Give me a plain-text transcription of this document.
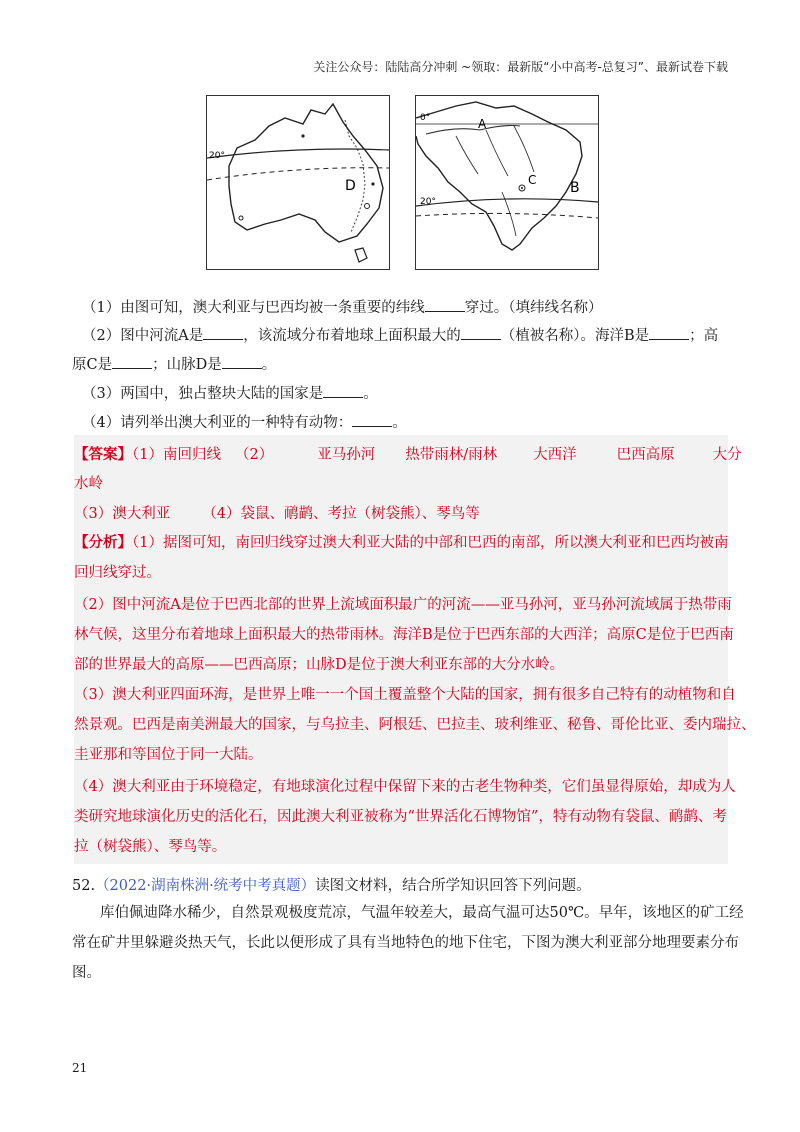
关注公众号：陆陆高分冲刺 ~领取：最新版“小中高考-总复习”、最新试卷下载
20°
D
0°
20°
A
C B
（1）由图可知，澳大利亚与巴西均被一条重要的纬线	穿过。（填纬线名称）
（2）图中河流A是	，该流域分布着地球上面积最大的	（植被名称）。海洋B是	；高
原C是	；山脉D是	。
（3）两国中，独占整块大陆的国家是	。
（4）请列举出澳大利亚的一种特有动物：	。
【答案】（1）南回归线 （2）	亚马孙河 热带雨林/雨林 大西洋	巴西高原	大分
水岭
（3）澳大利亚 （4）袋鼠、鸸鹋、考拉（树袋熊）、琴鸟等
【分析】（1）据图可知，南回归线穿过澳大利亚大陆的中部和巴西的南部，所以澳大利亚和巴西均被南
回归线穿过。
（2）图中河流A是位于巴西北部的世界上流域面积最广的河流——亚马孙河，亚马孙河流域属于热带雨
林气候，这里分布着地球上面积最大的热带雨林。海洋B是位于巴西东部的大西洋；高原C是位于巴西南
部的世界最大的高原——巴西高原；山脉D是位于澳大利亚东部的大分水岭。
（3）澳大利亚四面环海，是世界上唯一一个国土覆盖整个大陆的国家，拥有很多自己特有的动植物和自
然景观。巴西是南美洲最大的国家，与乌拉圭、阿根廷、巴拉圭、玻利维亚、秘鲁、哥伦比亚、委内瑞拉、
圭亚那和等国位于同一大陆。
（4）澳大利亚由于环境稳定，有地球演化过程中保留下来的古老生物种类，它们虽显得原始，却成为人
类研究地球演化历史的活化石，因此澳大利亚被称为“世界活化石博物馆”，特有动物有袋鼠、鸸鹋、考
拉（树袋熊）、琴鸟等。
52.（2022·湖南株洲·统考中考真题）读图文材料，结合所学知识回答下列问题。
库伯佩迪降水稀少，自然景观极度荒凉，气温年较差大，最高气温可达50℃。早年，该地区的矿工经
常在矿井里躲避炎热天气，长此以便形成了具有当地特色的地下住宅，下图为澳大利亚部分地理要素分布
图。
21
